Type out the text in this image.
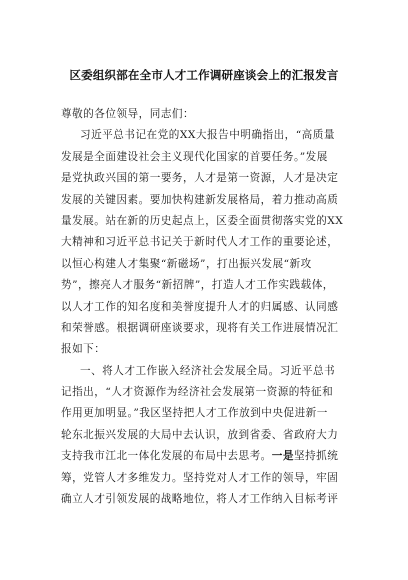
区委组织部在全市人才工作调研座谈会上的汇报发言
尊敬的各位领导，同志们：
习近平总书记在党的XX大报告中明确指出，“高质量
发展是全面建设社会主义现代化国家的首要任务。”发展
是党执政兴国的第一要务，人才是第一资源，人才是决定
发展的关键因素。要加快构建新发展格局，着力推动高质
量发展。站在新的历史起点上，区委全面贯彻落实党的XX
大精神和习近平总书记关于新时代人才工作的重要论述，
以恒心构建人才集聚“新磁场”，打出振兴发展“新攻
势”，擦亮人才服务“新招牌”，打造人才工作实践载体，
以人才工作的知名度和美誉度提升人才的归属感、认同感
和荣誉感。根据调研座谈要求，现将有关工作进展情况汇
报如下：
一、将人才工作嵌入经济社会发展全局。习近平总书
记指出，“人才资源作为经济社会发展第一资源的特征和
作用更加明显。”我区坚持把人才工作放到中央促进新一
轮东北振兴发展的大局中去认识，放到省委、省政府大力
支持我市江北一体化发展的布局中去思考。一是坚持抓统
筹，党管人才多维发力。坚持党对人才工作的领导，牢固
确立人才引领发展的战略地位，将人才工作纳入目标考评
